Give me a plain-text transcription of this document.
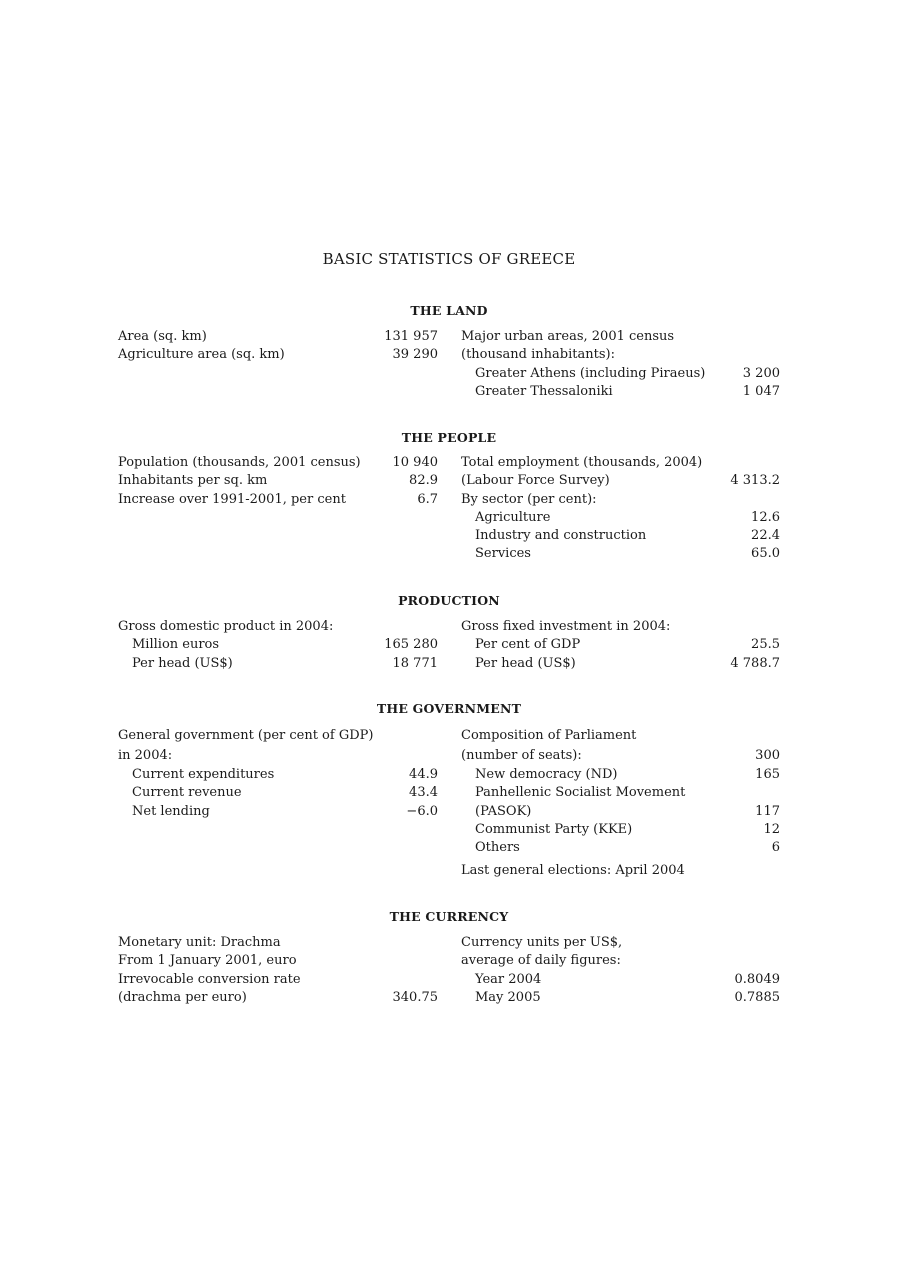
BASIC STATISTICS OF GREECE
THE LAND
Area (sq. km)	131 957
Agriculture area (sq. km)	39 290
Major urban areas, 2001 census
(thousand inhabitants):
Greater Athens (including Piraeus)	3 200
Greater Thessaloniki	1 047
THE PEOPLE
Population (thousands, 2001 census)	10 940
Inhabitants per sq. km	82.9
Increase over 1991-2001, per cent	6.7
Total employment (thousands, 2004)
(Labour Force Survey)	4 313.2
By sector (per cent):
Agriculture	12.6
Industry and construction	22.4
Services	65.0
PRODUCTION
Gross domestic product in 2004:
Million euros	165 280
Per head (US$)	18 771
Gross fixed investment in 2004:
Per cent of GDP	25.5
Per head (US$)	4 788.7
THE GOVERNMENT
General government (per cent of GDP)
in 2004:
Current expenditures	44.9
Current revenue	43.4
Net lending	−6.0
Composition of Parliament
(number of seats):	300
New democracy (ND)	165
Panhellenic Socialist Movement
(PASOK)	117
Communist Party (KKE)	12
Others	6
Last general elections: April 2004
THE CURRENCY
Monetary unit: Drachma
From 1 January 2001, euro
Irrevocable conversion rate
(drachma per euro)	340.75
Currency units per US$,
average of daily figures:
Year 2004	0.8049
May 2005	0.7885
